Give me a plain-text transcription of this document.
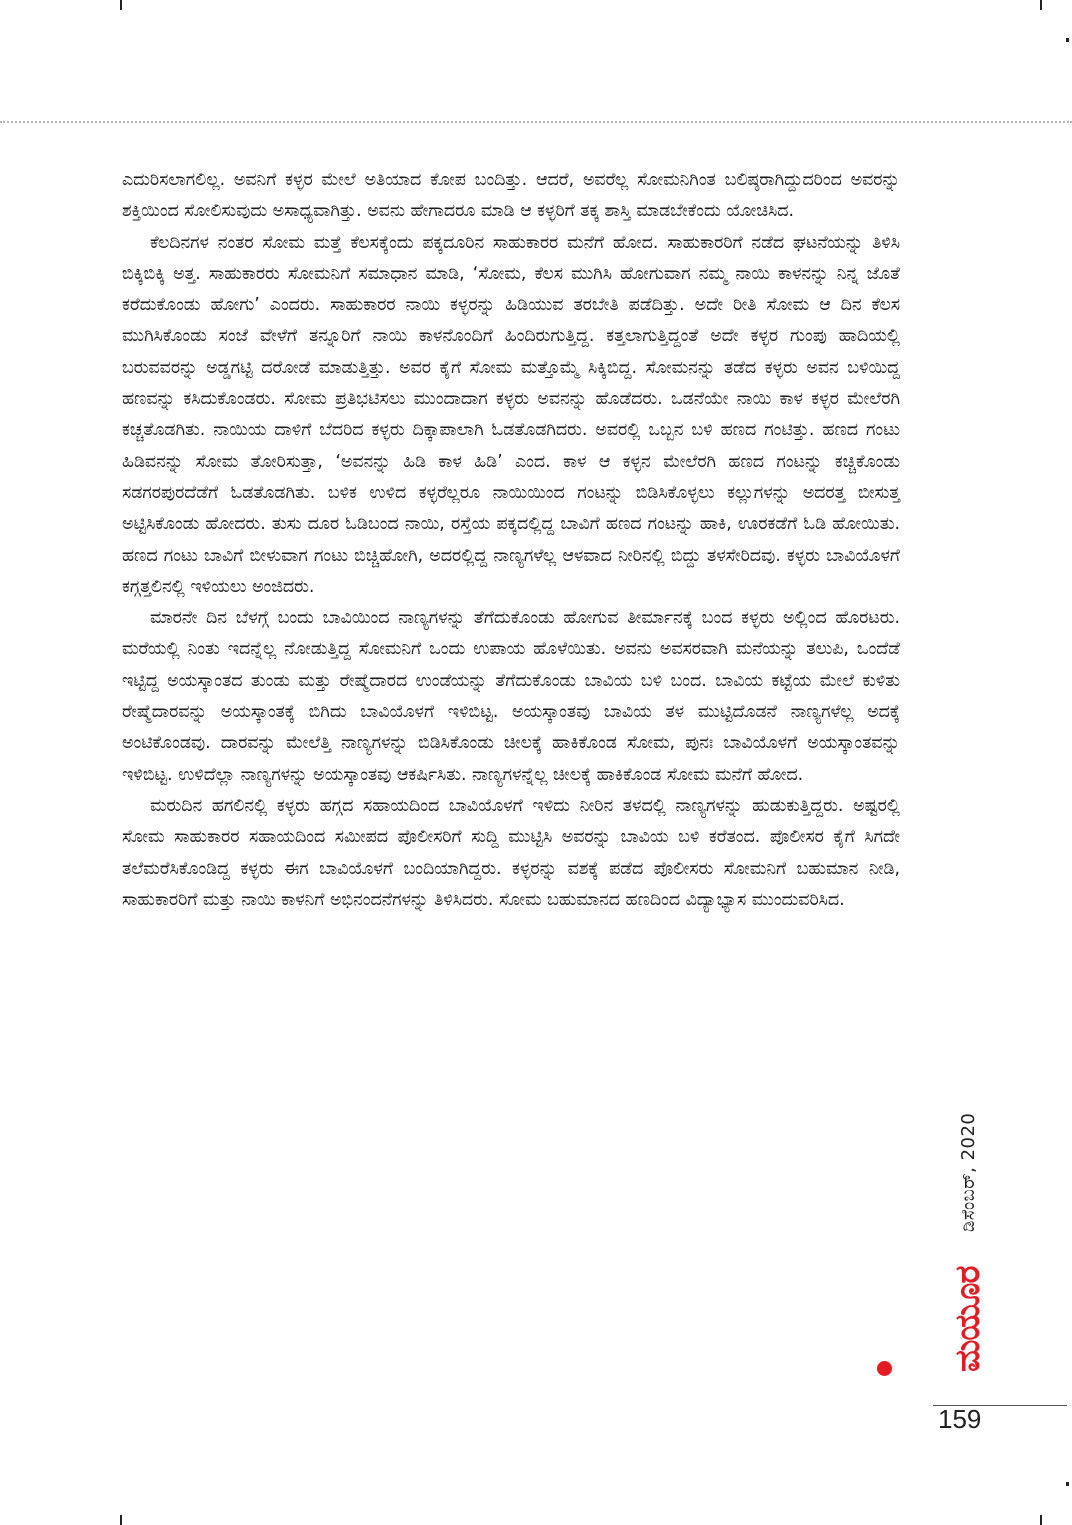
ಎದುರಿಸಲಾಗಲಿಲ್ಲ. ಅವನಿಗೆ ಕಳ್ಳರ ಮೇಲೆ ಅತಿಯಾದ ಕೋಪ ಬಂದಿತ್ತು. ಆದರೆ, ಅವರೆಲ್ಲ ಸೋಮನಿಗಿಂತ ಬಲಿಷ್ಠರಾಗಿದ್ದುದರಿಂದ ಅವರನ್ನು ಶಕ್ತಿಯಿಂದ ಸೋಲಿಸುವುದು ಅಸಾಧ್ಯವಾಗಿತ್ತು. ಅವನು ಹೇಗಾದರೂ ಮಾಡಿ ಆ ಕಳ್ಳರಿಗೆ ತಕ್ಕ ಶಾಸ್ತಿ ಮಾಡಬೇಕೆಂದು ಯೋಚಿಸಿದ.

ಕೆಲದಿನಗಳ ನಂತರ ಸೋಮ ಮತ್ತೆ ಕೆಲಸಕ್ಕೆಂದು ಪಕ್ಕದೂರಿನ ಸಾಹುಕಾರರ ಮನೆಗೆ ಹೋದ. ಸಾಹುಕಾರರಿಗೆ ನಡೆದ ಘಟನೆಯನ್ನು ತಿಳಿಸಿ ಬಿಕ್ಕಿಬಿಕ್ಕಿ ಅತ್ತ. ಸಾಹುಕಾರರು ಸೋಮನಿಗೆ ಸಮಾಧಾನ ಮಾಡಿ, ‘ಸೋಮ, ಕೆಲಸ ಮುಗಿಸಿ ಹೋಗುವಾಗ ನಮ್ಮ ನಾಯಿ ಕಾಳನನ್ನು ನಿನ್ನ ಜೊತೆ ಕರೆದುಕೊಂಡು ಹೋಗು’ ಎಂದರು. ಸಾಹುಕಾರರ ನಾಯಿ ಕಳ್ಳರನ್ನು ಹಿಡಿಯುವ ತರಬೇತಿ ಪಡೆದಿತ್ತು. ಅದೇ ರೀತಿ ಸೋಮ ಆ ದಿನ ಕೆಲಸ ಮುಗಿಸಿಕೊಂಡು ಸಂಜೆ ವೇಳೆಗೆ ತನ್ನೂರಿಗೆ ನಾಯಿ ಕಾಳನೊಂದಿಗೆ ಹಿಂದಿರುಗುತ್ತಿದ್ದ. ಕತ್ತಲಾಗುತ್ತಿದ್ದಂತೆ ಅದೇ ಕಳ್ಳರ ಗುಂಪು ಹಾದಿಯಲ್ಲಿ ಬರುವವರನ್ನು ಅಡ್ಡಗಟ್ಟಿ ದರೋಡೆ ಮಾಡುತ್ತಿತ್ತು. ಅವರ ಕೈಗೆ ಸೋಮ ಮತ್ತೊಮ್ಮೆ ಸಿಕ್ಕಿಬಿದ್ದ. ಸೋಮನನ್ನು ತಡೆದ ಕಳ್ಳರು ಅವನ ಬಳಿಯಿದ್ದ ಹಣವನ್ನು ಕಸಿದುಕೊಂಡರು. ಸೋಮ ಪ್ರತಿಭಟಿಸಲು ಮುಂದಾದಾಗ ಕಳ್ಳರು ಅವನನ್ನು ಹೊಡೆದರು. ಒಡನೆಯೇ ನಾಯಿ ಕಾಳ ಕಳ್ಳರ ಮೇಲೆರಗಿ ಕಚ್ಚತೊಡಗಿತು. ನಾಯಿಯ ದಾಳಿಗೆ ಬೆದರಿದ ಕಳ್ಳರು ದಿಕ್ಕಾಪಾಲಾಗಿ ಓಡತೊಡಗಿದರು. ಅವರಲ್ಲಿ ಒಬ್ಬನ ಬಳಿ ಹಣದ ಗಂಟಿತ್ತು. ಹಣದ ಗಂಟು ಹಿಡಿವನನ್ನು ಸೋಮ ತೋರಿಸುತ್ತಾ, ‘ಅವನನ್ನು ಹಿಡಿ ಕಾಳ ಹಿಡಿ’ ಎಂದ. ಕಾಳ ಆ ಕಳ್ಳನ ಮೇಲೆರಗಿ ಹಣದ ಗಂಟನ್ನು ಕಚ್ಚಿಕೊಂಡು ಸಡಗರಪುರದೆಡೆಗೆ ಓಡತೊಡಗಿತು. ಬಳಿಕ ಉಳಿದ ಕಳ್ಳರೆಲ್ಲರೂ ನಾಯಿಯಿಂದ ಗಂಟನ್ನು ಬಿಡಿಸಿಕೊಳ್ಳಲು ಕಲ್ಲುಗಳನ್ನು ಅದರತ್ತ ಬೀಸುತ್ತ ಅಟ್ಟಿಸಿಕೊಂಡು ಹೋದರು. ತುಸು ದೂರ ಓಡಿಬಂದ ನಾಯಿ, ರಸ್ತೆಯ ಪಕ್ಕದಲ್ಲಿದ್ದ ಬಾವಿಗೆ ಹಣದ ಗಂಟನ್ನು ಹಾಕಿ, ಊರಕಡೆಗೆ ಓಡಿ ಹೋಯಿತು. ಹಣದ ಗಂಟು ಬಾವಿಗೆ ಬೀಳುವಾಗ ಗಂಟು ಬಿಚ್ಚಿಹೋಗಿ, ಅದರಲ್ಲಿದ್ದ ನಾಣ್ಯಗಳೆಲ್ಲ ಆಳವಾದ ನೀರಿನಲ್ಲಿ ಬಿದ್ದು ತಳಸೇರಿದವು. ಕಳ್ಳರು ಬಾವಿಯೊಳಗೆ ಕಗ್ಗತ್ತಲಿನಲ್ಲಿ ಇಳಿಯಲು ಅಂಜಿದರು.

ಮಾರನೇ ದಿನ ಬೆಳಗ್ಗೆ ಬಂದು ಬಾವಿಯಿಂದ ನಾಣ್ಯಗಳನ್ನು ತೆಗೆದುಕೊಂಡು ಹೋಗುವ ತೀರ್ಮಾನಕ್ಕೆ ಬಂದ ಕಳ್ಳರು ಅಲ್ಲಿಂದ ಹೊರಟರು. ಮರೆಯಲ್ಲಿ ನಿಂತು ಇದನ್ನೆಲ್ಲ ನೋಡುತ್ತಿದ್ದ ಸೋಮನಿಗೆ ಒಂದು ಉಪಾಯ ಹೊಳೆಯಿತು. ಅವನು ಅವಸರವಾಗಿ ಮನೆಯನ್ನು ತಲುಪಿ, ಒಂದೆಡೆ ಇಟ್ಟಿದ್ದ ಅಯಸ್ಕಾಂತದ ತುಂಡು ಮತ್ತು ರೇಷ್ಮೆದಾರದ ಉಂಡೆಯನ್ನು ತೆಗೆದುಕೊಂಡು ಬಾವಿಯ ಬಳಿ ಬಂದ. ಬಾವಿಯ ಕಟ್ಟೆಯ ಮೇಲೆ ಕುಳಿತು ರೇಷ್ಮೆದಾರವನ್ನು ಅಯಸ್ಕಾಂತಕ್ಕೆ ಬಿಗಿದು ಬಾವಿಯೊಳಗೆ ಇಳಿಬಿಟ್ಟ. ಅಯಸ್ಕಾಂತವು ಬಾವಿಯ ತಳ ಮುಟ್ಟಿದೊಡನೆ ನಾಣ್ಯಗಳೆಲ್ಲ ಅದಕ್ಕೆ ಅಂಟಿಕೊಂಡವು. ದಾರವನ್ನು ಮೇಲೆತ್ತಿ ನಾಣ್ಯಗಳನ್ನು ಬಿಡಿಸಿಕೊಂಡು ಚೀಲಕ್ಕೆ ಹಾಕಿಕೊಂಡ ಸೋಮ, ಪುನಃ ಬಾವಿಯೊಳಗೆ ಅಯಸ್ಕಾಂತವನ್ನು ಇಳಿಬಿಟ್ಟ. ಉಳಿದೆಲ್ಲಾ ನಾಣ್ಯಗಳನ್ನು ಅಯಸ್ಕಾಂತವು ಆಕರ್ಷಿಸಿತು. ನಾಣ್ಯಗಳನ್ನೆಲ್ಲ ಚೀಲಕ್ಕೆ ಹಾಕಿಕೊಂಡ ಸೋಮ ಮನೆಗೆ ಹೋದ.

ಮರುದಿನ ಹಗಲಿನಲ್ಲಿ ಕಳ್ಳರು ಹಗ್ಗದ ಸಹಾಯದಿಂದ ಬಾವಿಯೊಳಗೆ ಇಳಿದು ನೀರಿನ ತಳದಲ್ಲಿ ನಾಣ್ಯಗಳನ್ನು ಹುಡುಕುತ್ತಿದ್ದರು. ಅಷ್ಟರಲ್ಲಿ ಸೋಮ ಸಾಹುಕಾರರ ಸಹಾಯದಿಂದ ಸಮೀಪದ ಪೊಲೀಸರಿಗೆ ಸುದ್ದಿ ಮುಟ್ಟಿಸಿ ಅವರನ್ನು ಬಾವಿಯ ಬಳಿ ಕರೆತಂದ. ಪೊಲೀಸರ ಕೈಗೆ ಸಿಗದೇ ತಲೆಮರೆಸಿಕೊಂಡಿದ್ದ ಕಳ್ಳರು ಈಗ ಬಾವಿಯೊಳಗೆ ಬಂದಿಯಾಗಿದ್ದರು. ಕಳ್ಳರನ್ನು ವಶಕ್ಕೆ ಪಡೆದ ಪೊಲೀಸರು ಸೋಮನಿಗೆ ಬಹುಮಾನ ನೀಡಿ, ಸಾಹುಕಾರರಿಗೆ ಮತ್ತು ನಾಯಿ ಕಾಳನಿಗೆ ಅಭಿನಂದನೆಗಳನ್ನು ತಿಳಿಸಿದರು. ಸೋಮ ಬಹುಮಾನದ ಹಣದಿಂದ ವಿದ್ಯಾಭ್ಯಾಸ ಮುಂದುವರಿಸಿದ.

ಡಿಸೆಂಬರ್, 2020
ಮಯೂರ
159
